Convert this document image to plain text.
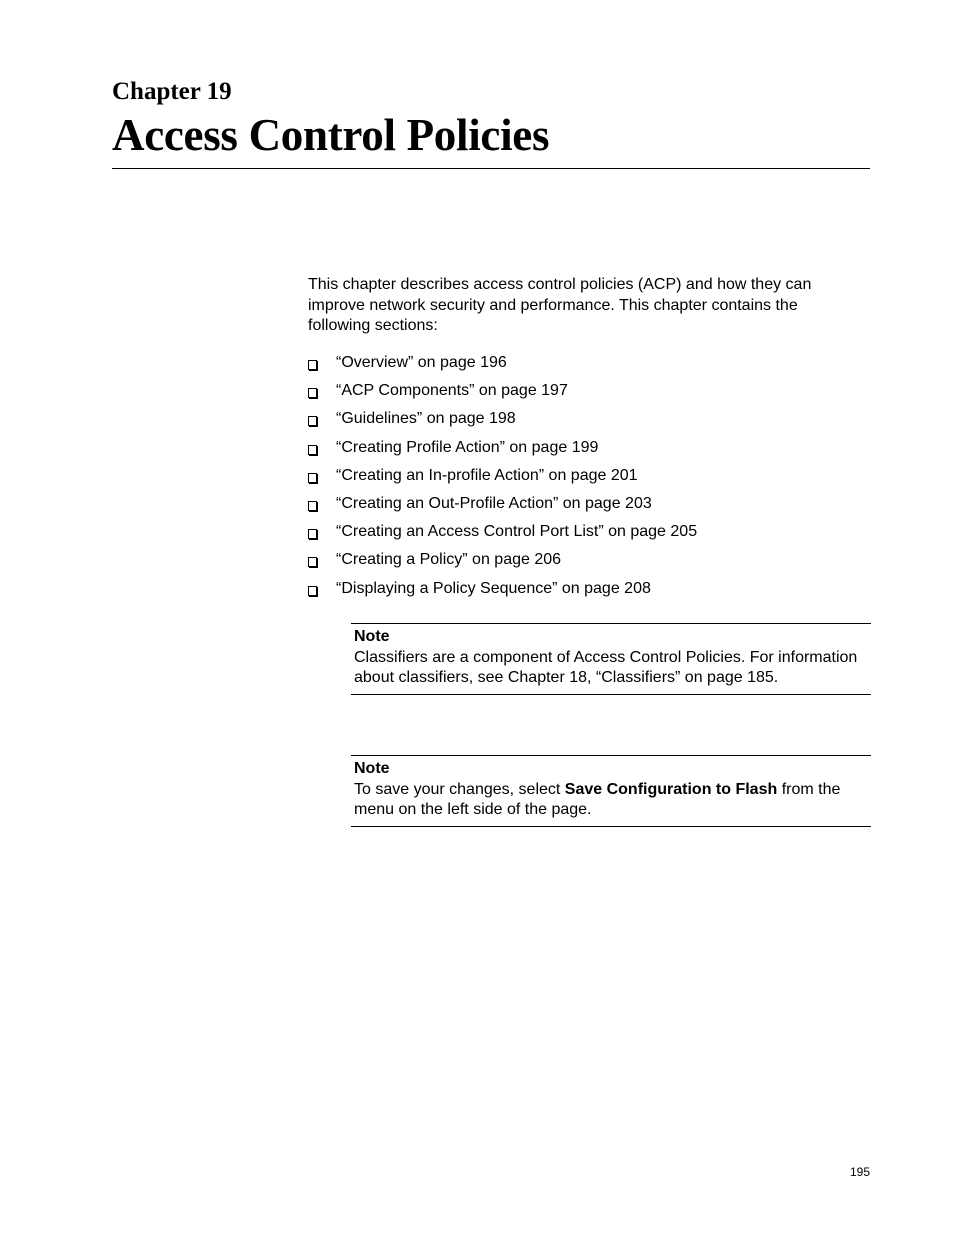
Chapter 19
Access Control Policies

This chapter describes access control policies (ACP) and how they can improve network security and performance. This chapter contains the following sections:

“Overview” on page 196
“ACP Components” on page 197
“Guidelines” on page 198
“Creating Profile Action” on page 199
“Creating an In-profile Action” on page 201
“Creating an Out-Profile Action” on page 203
“Creating an Access Control Port List” on page 205
“Creating a Policy” on page 206
“Displaying a Policy Sequence” on page 208
Note
Classifiers are a component of Access Control Policies. For information about classifiers, see Chapter 18, “Classifiers” on page 185.
Note
To save your changes, select Save Configuration to Flash from the menu on the left side of the page.
195
